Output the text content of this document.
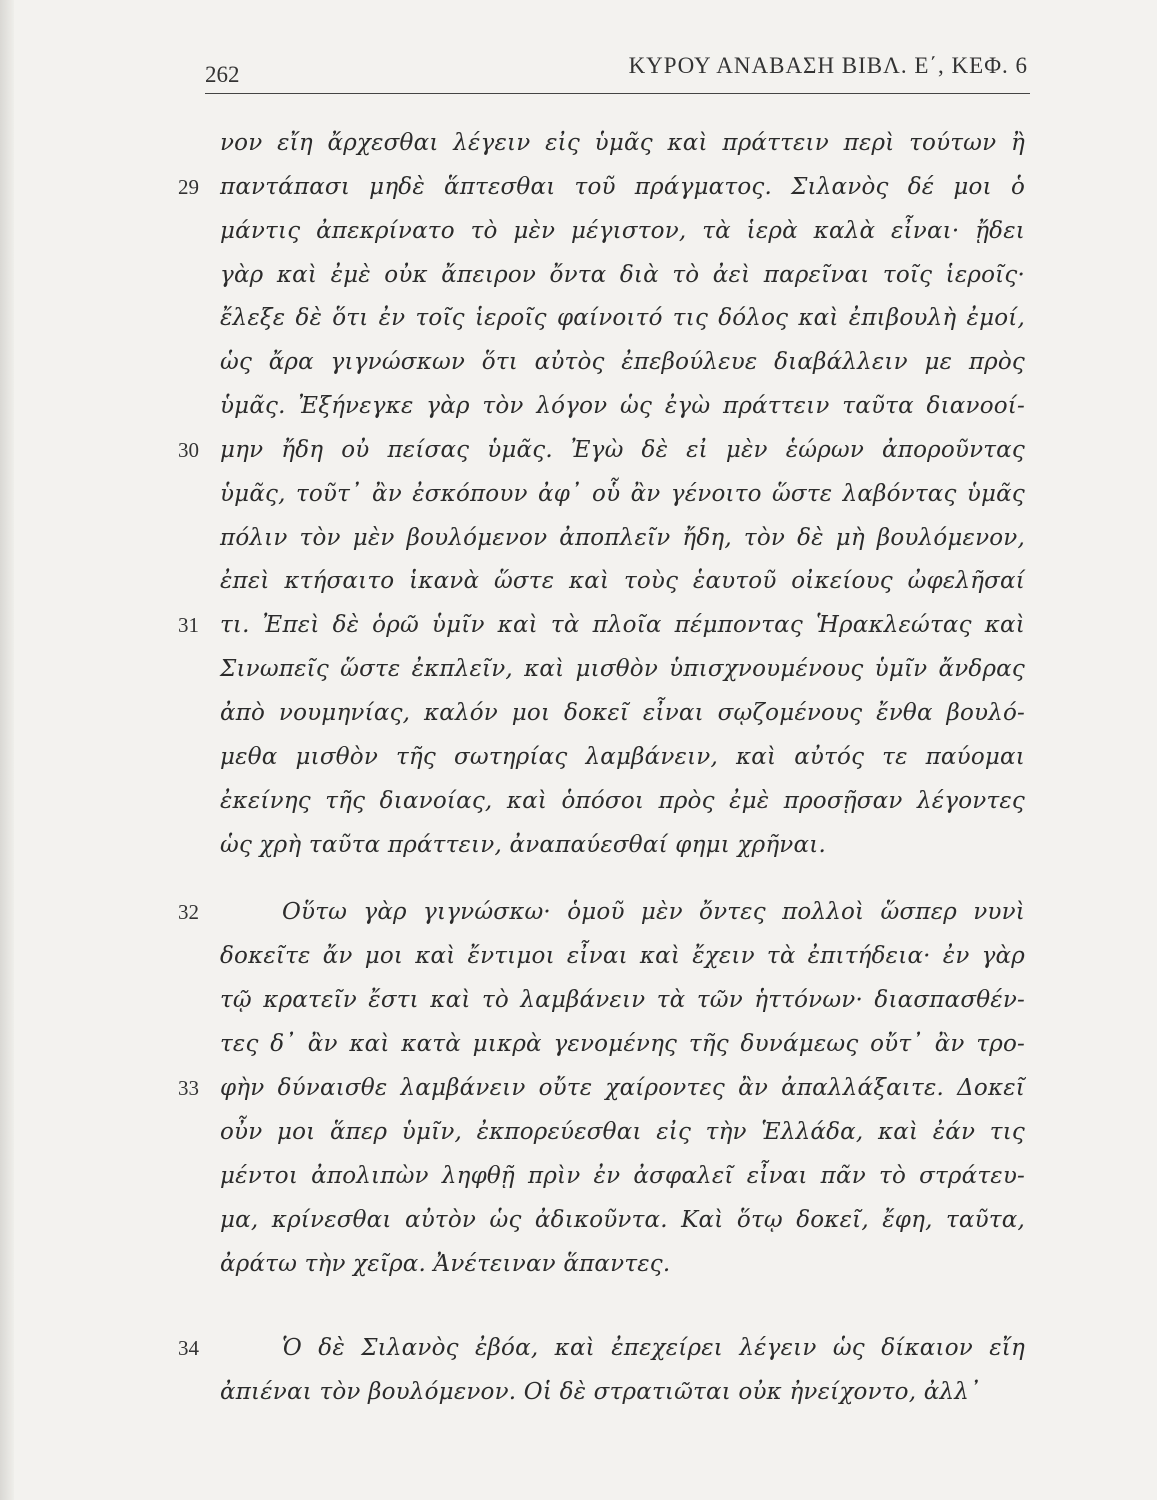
262	ΚΥΡΟΥ ΑΝΑΒΑΣΗ ΒΙΒΛ. Ε΄, ΚΕΦ. 6
νον εἴη ἄρχεσθαι λέγειν εἰς ὑμᾶς καὶ πράττειν περὶ τούτων ἢ
29 παντάπασι μηδὲ ἅπτεσθαι τοῦ πράγματος. Σιλανὸς δέ μοι ὁ
μάντις ἀπεκρίνατο τὸ μὲν μέγιστον, τὰ ἱερὰ καλὰ εἶναι· ᾔδει
γὰρ καὶ ἐμὲ οὐκ ἄπειρον ὄντα διὰ τὸ ἀεὶ παρεῖναι τοῖς ἱεροῖς·
ἔλεξε δὲ ὅτι ἐν τοῖς ἱεροῖς φαίνοιτό τις δόλος καὶ ἐπιβουλὴ ἐμοί,
ὡς ἄρα γιγνώσκων ὅτι αὐτὸς ἐπεβούλευε διαβάλλειν με πρὸς
ὑμᾶς. Ἐξήνεγκε γὰρ τὸν λόγον ὡς ἐγὼ πράττειν ταῦτα διανοοί-
30 μην ἤδη οὐ πείσας ὑμᾶς. Ἐγὼ δὲ εἰ μὲν ἑώρων ἀποροῦντας
ὑμᾶς, τοῦτ᾽ ἂν ἐσκόπουν ἀφ᾽ οὗ ἂν γένοιτο ὥστε λαβόντας ὑμᾶς
πόλιν τὸν μὲν βουλόμενον ἀποπλεῖν ἤδη, τὸν δὲ μὴ βουλόμενον,
ἐπεὶ κτήσαιτο ἱκανὰ ὥστε καὶ τοὺς ἑαυτοῦ οἰκείους ὠφελῆσαί
31 τι. Ἐπεὶ δὲ ὁρῶ ὑμῖν καὶ τὰ πλοῖα πέμποντας Ἡρακλεώτας καὶ
Σινωπεῖς ὥστε ἐκπλεῖν, καὶ μισθὸν ὑπισχνουμένους ὑμῖν ἄνδρας
ἀπὸ νουμηνίας, καλόν μοι δοκεῖ εἶναι σῳζομένους ἔνθα βουλό-
μεθα μισθὸν τῆς σωτηρίας λαμβάνειν, καὶ αὐτός τε παύομαι
ἐκείνης τῆς διανοίας, καὶ ὁπόσοι πρὸς ἐμὲ προσῇσαν λέγοντες
ὡς χρὴ ταῦτα πράττειν, ἀναπαύεσθαί φημι χρῆναι.
32	Οὕτω γὰρ γιγνώσκω· ὁμοῦ μὲν ὄντες πολλοὶ ὥσπερ νυνὶ
δοκεῖτε ἄν μοι καὶ ἔντιμοι εἶναι καὶ ἔχειν τὰ ἐπιτήδεια· ἐν γὰρ
τῷ κρατεῖν ἔστι καὶ τὸ λαμβάνειν τὰ τῶν ἡττόνων· διασπασθέν-
τες δ᾽ ἂν καὶ κατὰ μικρὰ γενομένης τῆς δυνάμεως οὔτ᾽ ἂν τρο-
33 φὴν δύναισθε λαμβάνειν οὔτε χαίροντες ἂν ἀπαλλάξαιτε. Δοκεῖ
οὖν μοι ἅπερ ὑμῖν, ἐκπορεύεσθαι εἰς τὴν Ἑλλάδα, καὶ ἐάν τις
μέντοι ἀπολιπὼν ληφθῇ πρὶν ἐν ἀσφαλεῖ εἶναι πᾶν τὸ στράτευ-
μα, κρίνεσθαι αὐτὸν ὡς ἀδικοῦντα. Καὶ ὅτῳ δοκεῖ, ἔφη, ταῦτα,
ἀράτω τὴν χεῖρα. Ἀνέτειναν ἅπαντες.
34	Ὁ δὲ Σιλανὸς ἐβόα, καὶ ἐπεχείρει λέγειν ὡς δίκαιον εἴη
ἀπιέναι τὸν βουλόμενον. Οἱ δὲ στρατιῶται οὐκ ἠνείχοντο, ἀλλ᾽
